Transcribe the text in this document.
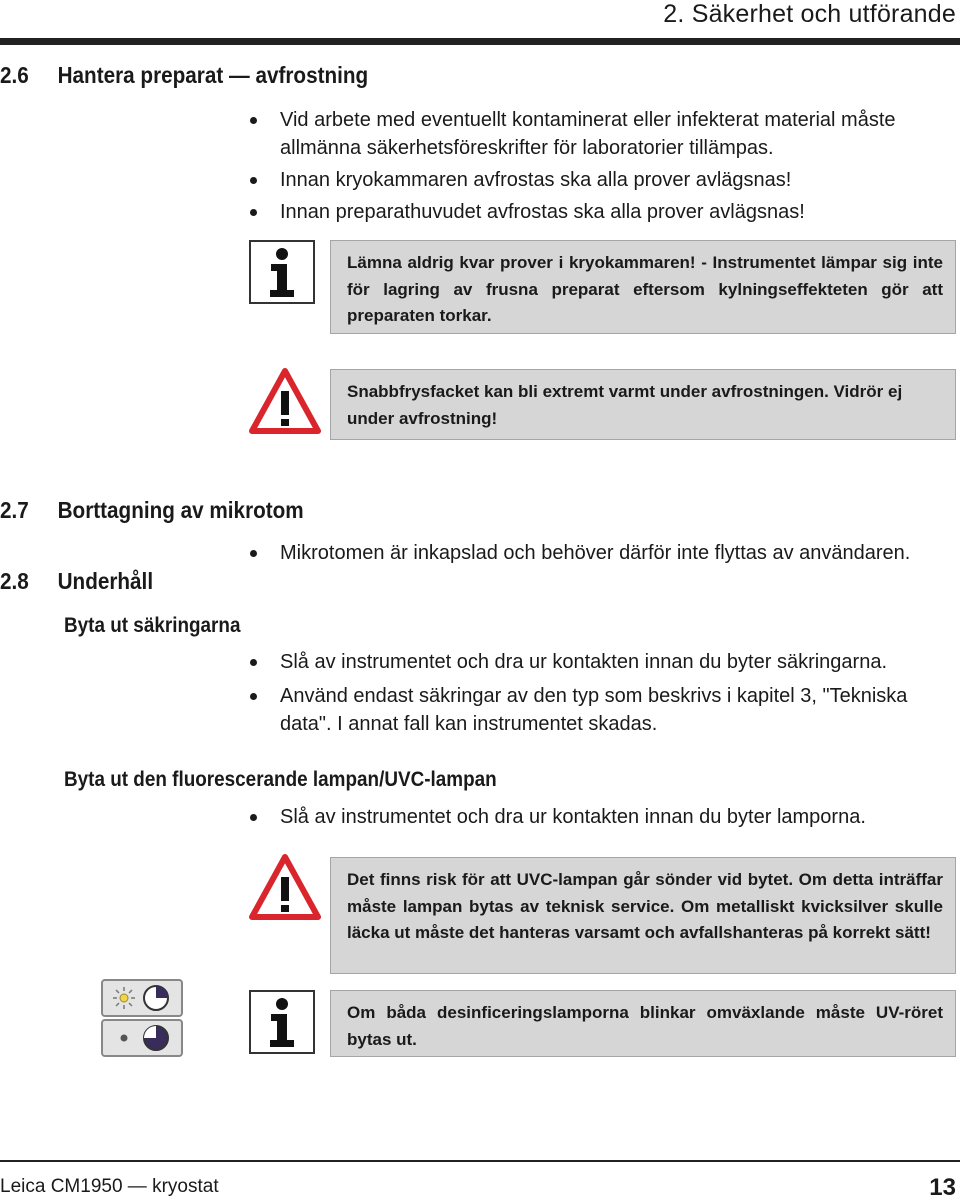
2. Säkerhet och utförande
2.6 Hantera preparat — avfrostning
Vid arbete med eventuellt kontaminerat eller infekterat material måste allmänna säkerhetsföreskrifter för laboratorier tillämpas.
Innan kryokammaren avfrostas ska alla prover avlägsnas!
Innan preparathuvudet avfrostas ska alla prover avlägsnas!
Lämna aldrig kvar prover i kryokammaren! - Instrumentet lämpar sig inte för lagring av frusna preparat eftersom kylningseffekteten gör att preparaten torkar.
Snabbfrysfacket kan bli extremt varmt under avfrostningen. Vidrör ej under avfrostning!
2.7 Borttagning av mikrotom
Mikrotomen är inkapslad och behöver därför inte flyttas av användaren.
2.8 Underhåll
Byta ut säkringarna
Slå av instrumentet och dra ur kontakten innan du byter säkringarna.
Använd endast säkringar av den typ som beskrivs i kapitel 3, "Tekniska data". I annat fall kan instrumentet skadas.
Byta ut den fluorescerande lampan/UVC-lampan
Slå av instrumentet och dra ur kontakten innan du byter lamporna.
Det finns risk för att UVC-lampan går sönder vid bytet. Om detta inträffar måste lampan bytas av teknisk service. Om metalliskt kvicksilver skulle läcka ut måste det hanteras varsamt och avfallshanteras på korrekt sätt!
Om båda desinficeringslamporna blinkar omväxlande måste UV-röret bytas ut.
Leica CM1950 — kryostat	13
